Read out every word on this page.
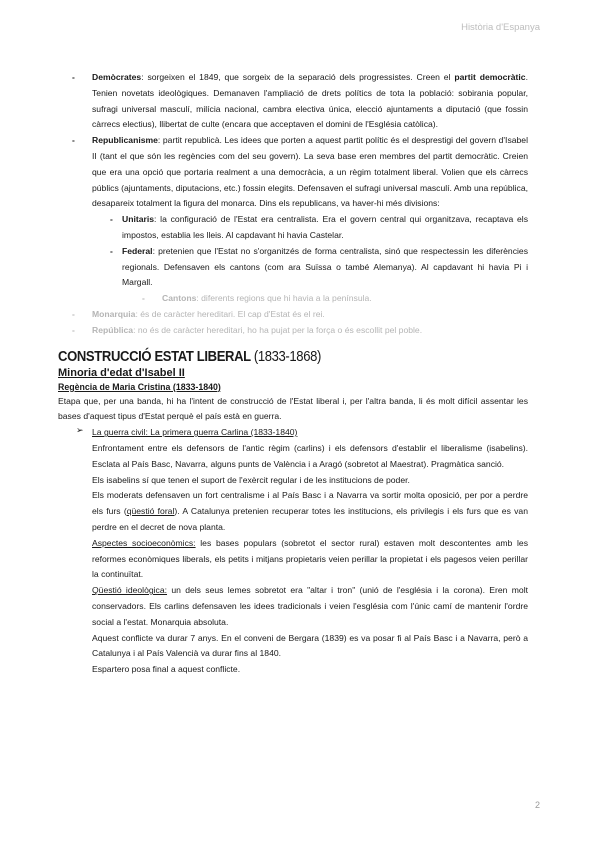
Història d'Espanya
- Demòcrates: sorgeixen el 1849, que sorgeix de la separació dels progressistes. Creen el partit democràtic. Tenien novetats ideològiques. Demanaven l'ampliació de drets polítics de tota la població: sobirania popular, sufragi universal masculí, milícia nacional, cambra electiva única, elecció ajuntaments a diputació (que fossin càrrecs electius), llibertat de culte (encara que acceptaven el domini de l'Església catòlica).
- Republicanisme: partit republicà. Les idees que porten a aquest partit polític és el desprestigi del govern d'Isabel II (tant el que són les regències com del seu govern). La seva base eren membres del partit democràtic. Creien que era una opció que portaria realment a una democràcia, a un règim totalment liberal. Volien que els càrrecs públics (ajuntaments, diputacions, etc.) fossin elegits. Defensaven el sufragi universal masculí. Amb una república, desapareix totalment la figura del monarca. Dins els republicans, va haver-hi més divisions:
- Unitaris: la configuració de l'Estat era centralista. Era el govern central qui organitzava, recaptava els impostos, establia les lleis. Al capdavant hi havia Castelar.
- Federal: pretenien que l'Estat no s'organitzés de forma centralista, sinó que respectessin les diferències regionals. Defensaven els cantons (com ara Suïssa o també Alemanya). Al capdavant hi havia Pi i Margall.
- Cantons: diferents regions que hi havia a la península.
- Monarquia: és de caràcter hereditari. El cap d'Estat és el rei.
- República: no és de caràcter hereditari, ho ha pujat per la força o és escollit pel poble.
CONSTRUCCIÓ ESTAT LIBERAL (1833-1868)
Minoria d'edat d'Isabel II
Regència de Maria Cristina (1833-1840)

Etapa que, per una banda, hi ha l'intent de construcció de l'Estat liberal i, per l'altra banda, li és molt difícil assentar les bases d'aquest tipus d'Estat perquè el país està en guerra.

➢ La guerra civil: La primera guerra Carlina (1833-1840)

Enfrontament entre els defensors de l'antic règim (carlins) i els defensors d'establir el liberalisme (isabelins). Esclata al País Basc, Navarra, alguns punts de València i a Aragó (sobretot al Maestrat). Pragmàtica sanció.

Els isabelins sí que tenen el suport de l'exèrcit regular i de les institucions de poder.

Els moderats defensaven un fort centralisme i al País Basc i a Navarra va sortir molta oposició, per por a perdre els furs (qüestió foral). A Catalunya pretenien recuperar totes les institucions, els privilegis i els furs que es van perdre en el decret de nova planta.

Aspectes socioeconòmics: les bases populars (sobretot el sector rural) estaven molt descontentes amb les reformes econòmiques liberals, els petits i mitjans propietaris veien perillar la propietat i els pagesos veien perillar la continuïtat.

Qüestió ideològica: un dels seus lemes sobretot era "altar i tron" (unió de l'església i la corona). Eren molt conservadors. Els carlins defensaven les idees tradicionals i veien l'església com l'únic camí de mantenir l'ordre social a l'estat. Monarquia absoluta.

Aquest conflicte va durar 7 anys. En el conveni de Bergara (1839) es va posar fi al País Basc i a Navarra, però a Catalunya i al País Valencià va durar fins al 1840.

Espartero posa final a aquest conflicte.

2
